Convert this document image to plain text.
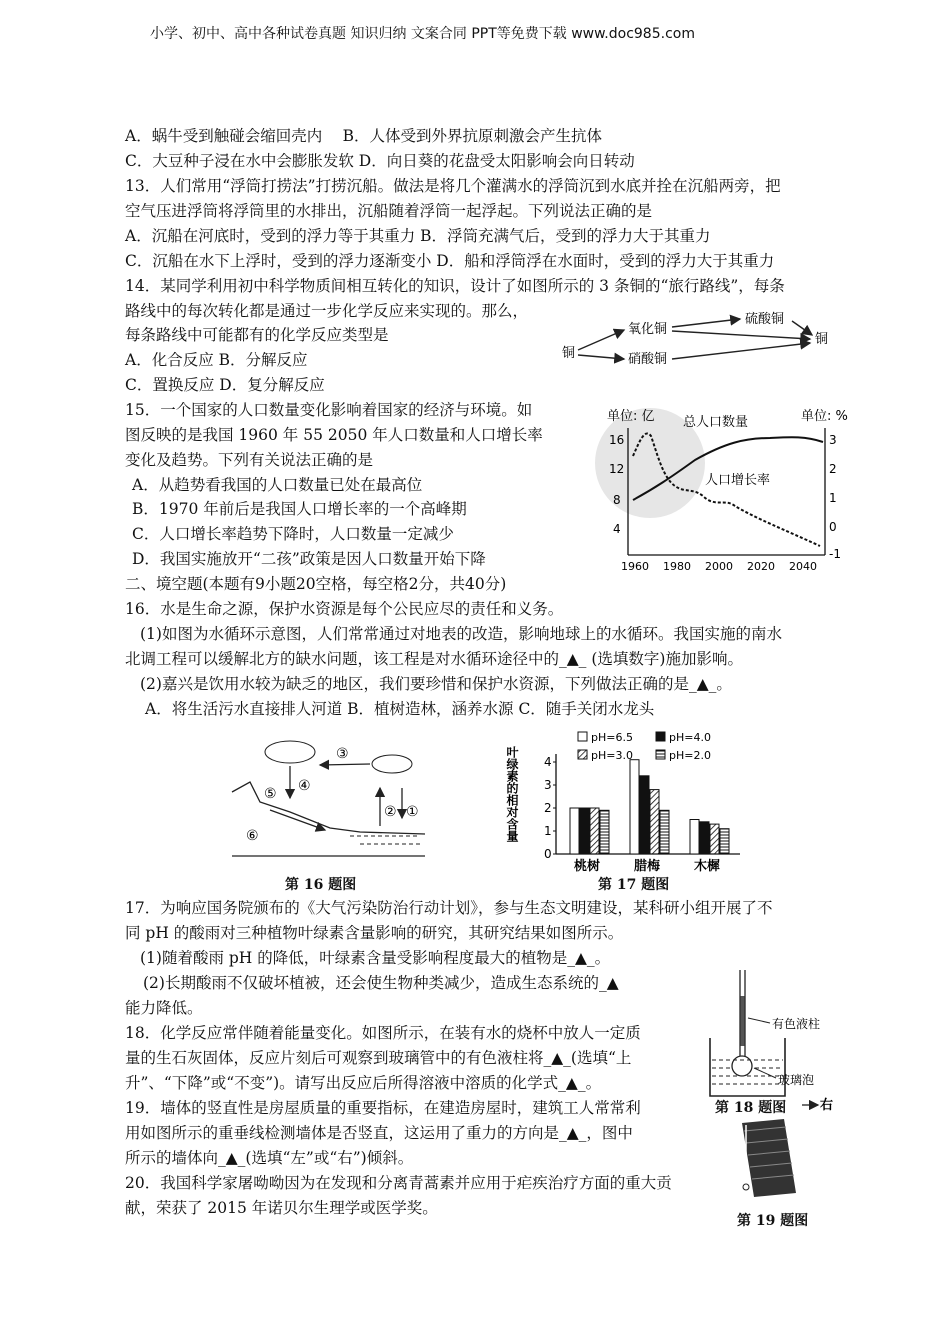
小学、初中、高中各种试卷真题 知识归纳 文案合同 PPT等免费下载 www.doc985.com
A．蜗牛受到触碰会缩回壳内　 B．人体受到外界抗原刺激会产生抗体
C．大豆种子浸在水中会膨胀发软 D．向日葵的花盘受太阳影响会向日转动
13．人们常用“浮筒打捞法”打捞沉船。做法是将几个灌满水的浮筒沉到水底并拴在沉船两旁，把
空气压进浮筒将浮筒里的水排出，沉船随着浮筒一起浮起。下列说法正确的是
A．沉船在河底时，受到的浮力等于其重力 B．浮筒充满气后，受到的浮力大于其重力
C．沉船在水下上浮时，受到的浮力逐渐变小 D．船和浮筒浮在水面时，受到的浮力大于其重力
14．某同学利用初中科学物质间相互转化的知识，设计了如图所示的 3 条铜的“旅行路线”，每条
路线中的每次转化都是通过一步化学反应来实现的。那么，
每条路线中可能都有的化学反应类型是
A．化合反应 B．分解反应
C．置换反应 D．复分解反应
15．一个国家的人口数量变化影响着国家的经济与环境。如
图反映的是我国 1960 年 55 2050 年人口数量和人口增长率
变化及趋势。下列有关说法正确的是
A．从趋势看我国的人口数量已处在最高位
B．1970 年前后是我国人口增长率的一个高峰期
C．人口增长率趋势下降时，人口数量一定减少
D．我国实施放开“二孩”政策是因人口数量开始下降
二、境空题(本题有9小题20空格，每空格2分，共40分)
16．水是生命之源，保护水资源是每个公民应尽的责任和义务。
(1)如图为水循环示意图，人们常常通过对地表的改造，影响地球上的水循环。我国实施的南水
北调工程可以缓解北方的缺水问题，该工程是对水循环途径中的_▲_ (选填数字)施加影响。
(2)嘉兴是饮用水较为缺乏的地区，我们要珍惜和保护水资源，下列做法正确的是_▲_。
A．将生活污水直接排人河道 B．植树造林，涵养水源 C．随手关闭水龙头
17．为响应国务院颁布的《大气污染防治行动计划》，参与生态文明建设，某科研小组开展了不
同 pH 的酸雨对三种植物叶绿素含量影响的研究，其研究结果如图所示。
(1)随着酸雨 pH 的降低，叶绿素含量受影响程度最大的植物是_▲_。
(2)长期酸雨不仅破坏植被，还会使生物种类减少，造成生态系统的_▲
能力降低。
18．化学反应常伴随着能量变化。如图所示，在装有水的烧杯中放人一定质
量的生石灰固体，反应片刻后可观察到玻璃管中的有色液柱将_▲_(选填“上
升”、“下降”或“不变”)。请写出反应后所得溶液中溶质的化学式_▲_。
19．墙体的竖直性是房屋质量的重要指标，在建造房屋时，建筑工人常常利
用如图所示的重垂线检测墙体是否竖直，这运用了重力的方向是_▲_，图中
所示的墙体向_▲_(选填“左”或“右”)倾斜。
20．我国科学家屠呦呦因为在发现和分离青蒿素并应用于疟疾治疗方面的重大贡
献，荣获了 2015 年诺贝尔生理学或医学奖。
铜
氧化铜
硫酸铜
硝酸铜
铜
单位: 亿 总人口数量	单位: %
16
12
8
4
3
2
1
0
-1
1960 1980 2000 2020 2040
人口增长率
③
④
⑤
② ①
⑥
第 16 题图
叶绿素的相对含量
0
1
2
3
4
桃树	腊梅	木樨
pH=6.5	pH=4.0
pH=3.0	pH=2.0
第 17 题图
有色液柱
玻璃泡
第 18 题图	右
第 19 题图
